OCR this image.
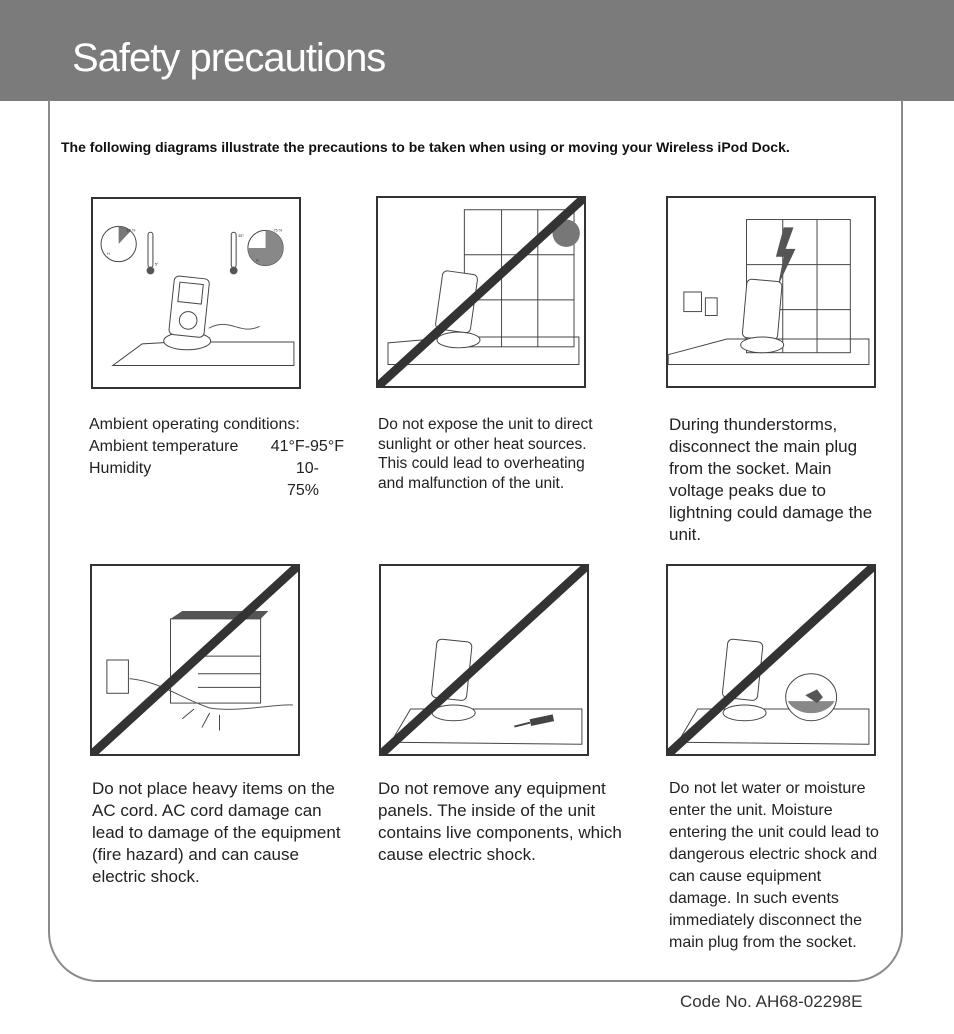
Safety precautions
The following diagrams illustrate the precautions to be taken when using or moving your Wireless iPod Dock.
10 %
H
5°
35°
75 %
H
Ambient operating conditions:
Ambient temperature	41°F-95°F
Humidity	10-75%
Do not expose the unit to direct sunlight or other heat sources. This could lead to overheating and malfunction of the unit.
During thunderstorms, disconnect the main plug from the socket. Main voltage peaks due to lightning could damage the unit.
Do not place heavy items on the AC cord. AC cord damage can lead to damage of the equipment (fire hazard) and can cause electric shock.
Do not remove any equipment panels. The inside of the unit contains live components, which cause electric shock.
Do not let water or moisture enter the unit. Moisture entering the unit could lead to dangerous electric shock and can cause equipment damage. In such events immediately disconnect the main plug from the socket.
Code No. AH68-02298E
